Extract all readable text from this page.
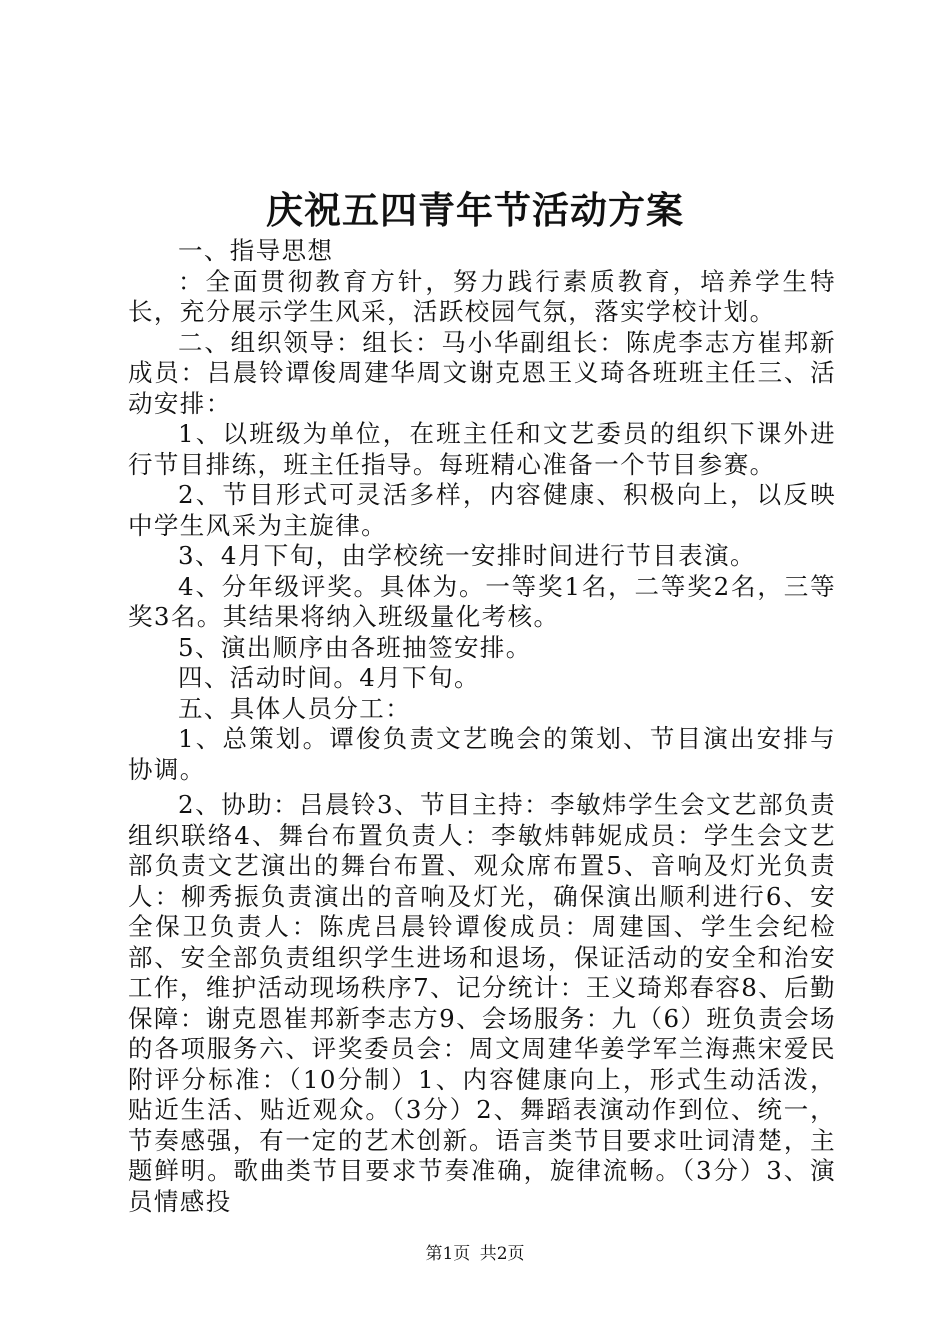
庆祝五四青年节活动方案

一、指导思想

：全面贯彻教育方针，努力践行素质教育，培养学生特长，充分展示学生风采，活跃校园气氛，落实学校计划。

二、组织领导：组长：马小华副组长：陈虎李志方崔邦新成员：吕晨铃谭俊周建华周文谢克恩王义琦各班班主任三、活动安排：

1、以班级为单位，在班主任和文艺委员的组织下课外进行节目排练，班主任指导。每班精心准备一个节目参赛。

2、节目形式可灵活多样，内容健康、积极向上，以反映中学生风采为主旋律。

3、4月下旬，由学校统一安排时间进行节目表演。

4、分年级评奖。具体为。一等奖1名，二等奖2名，三等奖3名。其结果将纳入班级量化考核。

5、演出顺序由各班抽签安排。

四、活动时间。4月下旬。

五、具体人员分工：

1、总策划。谭俊负责文艺晚会的策划、节目演出安排与协调。

2、协助：吕晨铃3、节目主持：李敏炜学生会文艺部负责组织联络4、舞台布置负责人：李敏炜韩妮成员：学生会文艺部负责文艺演出的舞台布置、观众席布置5、音响及灯光负责人：柳秀振负责演出的音响及灯光，确保演出顺利进行6、安全保卫负责人：陈虎吕晨铃谭俊成员：周建国、学生会纪检部、安全部负责组织学生进场和退场，保证活动的安全和治安工作，维护活动现场秩序7、记分统计：王义琦郑春容8、后勤保障：谢克恩崔邦新李志方9、会场服务：九（6）班负责会场的各项服务六、评奖委员会：周文周建华姜学军兰海燕宋爱民附评分标准：（10分制）1、内容健康向上，形式生动活泼，贴近生活、贴近观众。（3分）2、舞蹈表演动作到位、统一，节奏感强，有一定的艺术创新。语言类节目要求吐词清楚，主题鲜明。歌曲类节目要求节奏准确，旋律流畅。（3分）3、演员情感投

第1页 共2页
